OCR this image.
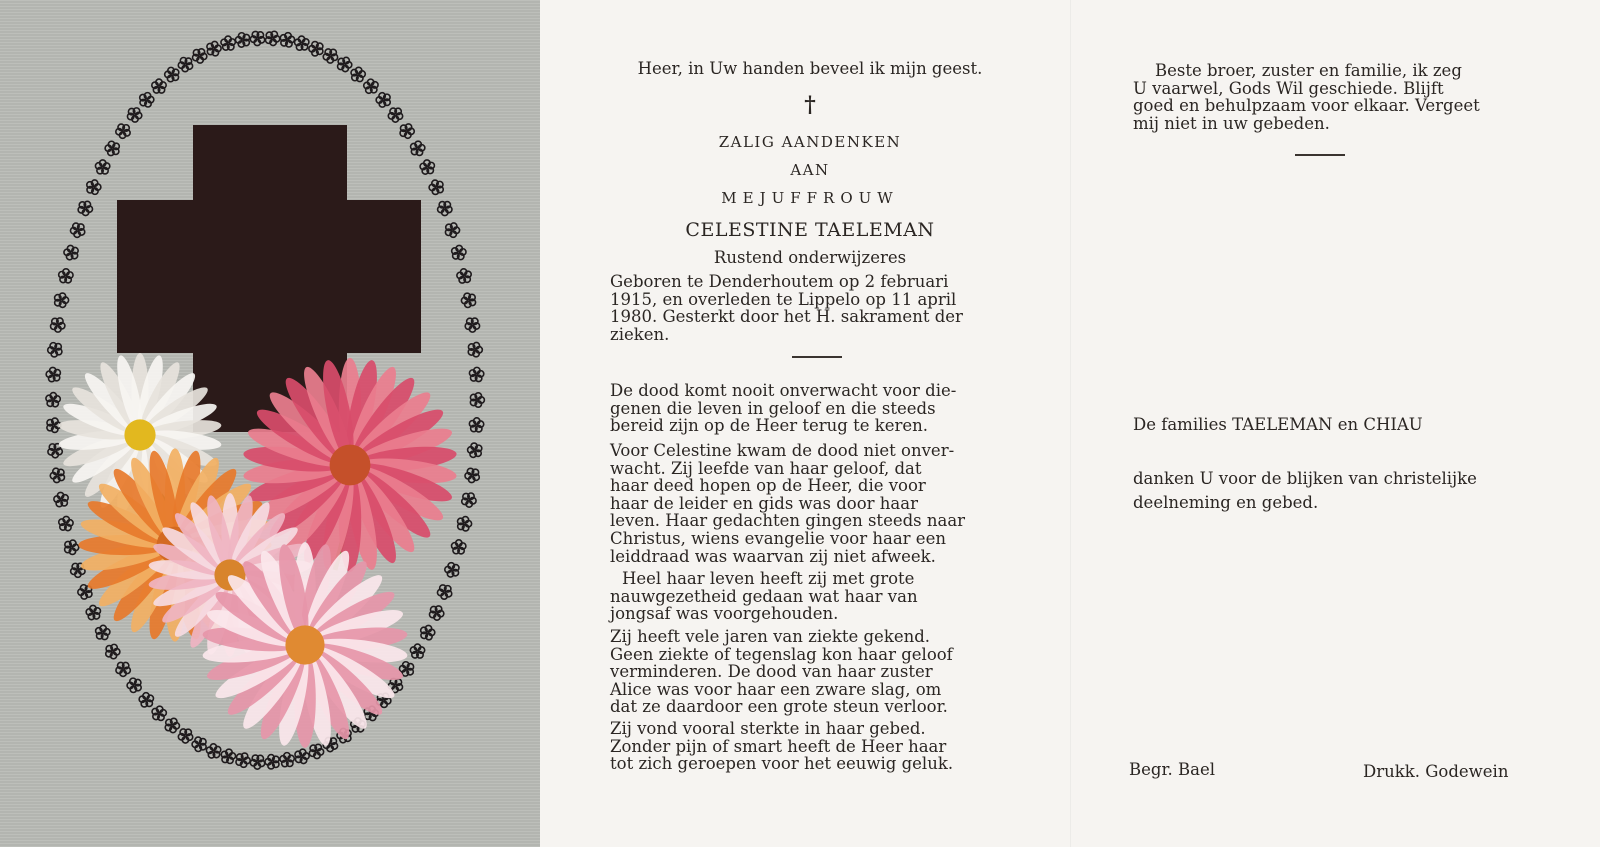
Heer, in Uw handen beveel ik mijn geest.
†
ZALIG AANDENKEN
AAN
MEJUFFROUW
CELESTINE TAELEMAN
Rustend onderwijzeres
Geboren te Denderhoutem op 2 februari
1915, en overleden te Lippelo op 11 april
1980. Gesterkt door het H. sakrament der
zieken.
De dood komt nooit onverwacht voor die-
genen die leven in geloof en die steeds
bereid zijn op de Heer terug te keren.
Voor Celestine kwam de dood niet onver-
wacht. Zij leefde van haar geloof, dat
haar deed hopen op de Heer, die voor
haar de leider en gids was door haar
leven. Haar gedachten gingen steeds naar
Christus, wiens evangelie voor haar een
leiddraad was waarvan zij niet afweek.
Heel haar leven heeft zij met grote
nauwgezetheid gedaan wat haar van
jongsaf was voorgehouden.
Zij heeft vele jaren van ziekte gekend.
Geen ziekte of tegenslag kon haar geloof
verminderen. De dood van haar zuster
Alice was voor haar een zware slag, om
dat ze daardoor een grote steun verloor.
Zij vond vooral sterkte in haar gebed.
Zonder pijn of smart heeft de Heer haar
tot zich geroepen voor het eeuwig geluk.
Beste broer, zuster en familie, ik zeg
U vaarwel, Gods Wil geschiede. Blijft
goed en behulpzaam voor elkaar. Vergeet
mij niet in uw gebeden.
De families TAELEMAN en CHIAU
danken U voor de blijken van christelijke
deelneming en gebed.
Begr. Bael	Drukk. Godewein
